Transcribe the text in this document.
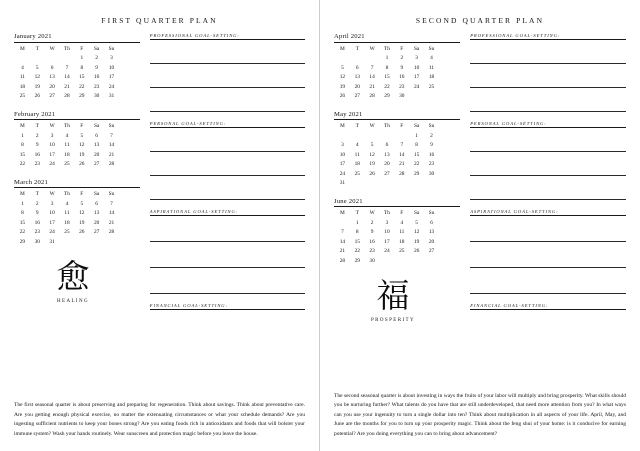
FIRST QUARTER PLAN
January 2021
M	T	W	Th	F	Sa	Su
				1	2	3
4	5	6	7	8	9	10
11	12	13	14	15	16	17
18	19	20	21	22	23	24
25	26	27	28	29	30	31
February 2021
M	T	W	Th	F	Sa	Su
1	2	3	4	5	6	7
8	9	10	11	12	13	14
15	16	17	18	19	20	21
22	23	24	25	26	27	28
March 2021
M	T	W	Th	F	Sa	Su
1	2	3	4	5	6	7
8	9	10	11	12	13	14
15	16	17	18	19	20	21
22	23	24	25	26	27	28
29	30	31				
愈
HEALING
PROFESSIONAL GOAL-SETTING:
PERSONAL GOAL-SETTING:
ASPIRATIONAL GOAL-SETTING:
FINANCIAL GOAL-SETTING:
The first seasonal quarter is about preserving and preparing for regeneration. Think about savings. Think about preventative care. Are you getting enough physical exercise, no matter the extenuating circumstances or what your schedule demands? Are you ingesting sufficient nutrients to keep your bones strong? Are you eating foods rich in antioxidants and foods that will bolster your immune system? Wash your hands routinely. Wear sunscreen and protection magic before you leave the house.
SECOND QUARTER PLAN
April 2021
M	T	W	Th	F	Sa	Su
			1	2	3	4
5	6	7	8	9	10	11
12	13	14	15	16	17	18
19	20	21	22	23	24	25
26	27	28	29	30		
May 2021
M	T	W	Th	F	Sa	Su
					1	2
3	4	5	6	7	8	9
10	11	12	13	14	15	16
17	18	19	20	21	22	23
24	25	26	27	28	29	30
31						
June 2021
M	T	W	Th	F	Sa	Su
	1	2	3	4	5	6
7	8	9	10	11	12	13
14	15	16	17	18	19	20
21	22	23	24	25	26	27
28	29	30				
福
PROSPERITY
PROFESSIONAL GOAL-SETTING:
PERSONAL GOAL-SETTING:
ASPIRATIONAL GOAL-SETTING:
FINANCIAL GOAL-SETTING:
The second seasonal quarter is about investing in ways the fruits of your labor will multiply and bring prosperity. What skills should you be nurturing further? What talents do you have that are still underdeveloped, that need more attention from you? In what ways can you use your ingenuity to turn a single dollar into ten? Think about multiplication in all aspects of your life. April, May, and June are the months for you to turn up your prosperity magic. Think about the feng shui of your home: is it conducive for earning potential? Are you doing everything you can to bring about advancement?
